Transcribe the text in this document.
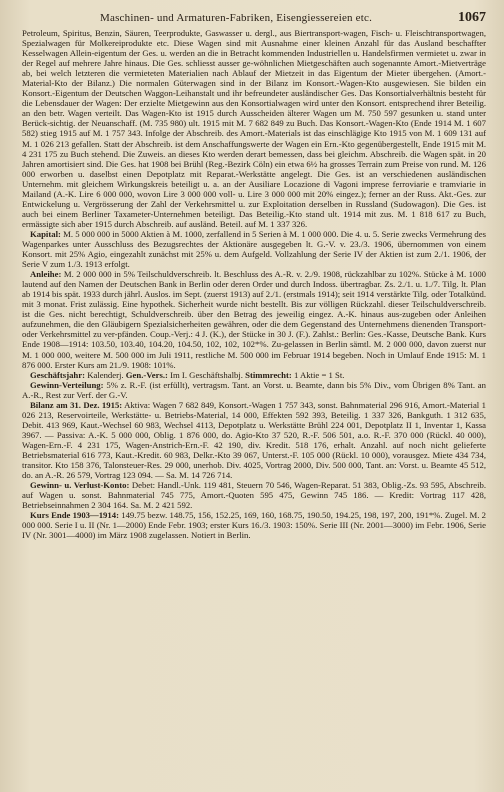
Maschinen- und Armaturen-Fabriken, Eisengiessereien etc.	1067

Petroleum, Spiritus, Benzin, Säuren, Teerprodukte, Gaswasser u. dergl., aus Biertransport-wagen, Fisch- u. Fleischtransportwagen, Spezialwagen für Molkereiprodukte etc. Diese Wagen sind mit Ausnahme einer kleinen Anzahl für das Ausland beschaffter Kesselwagen Allein-eigentum der Ges. u. werden an die in Betracht kommenden Industriellen u. Handelsfirmen vermietet u. zwar in der Regel auf mehrere Jahre hinaus. Die Ges. schliesst ausser ge-wöhnlichen Mietgeschäften auch sogenannte Amort.-Mietverträge ab, bei welch letzteren die vermieteten Materialien nach Ablauf der Mietzeit in das Eigentum der Mieter übergehen. (Amort.-Material-Kto der Bilanz.) Die normalen Güterwagen sind in der Bilanz im Konsort.-Wagen-Kto ausgewiesen. Sie bilden ein Konsort.-Eigentum der Deutschen Waggon-Leihanstalt und ihr befreundeter ausländischer Ges. Das Konsortialverhältnis besteht für die Lebensdauer der Wagen: Der erzielte Mietgewinn aus den Konsortialwagen wird unter den Konsort. entsprechend ihrer Beteilig. an den betr. Wagen verteilt. Das Wagen-Kto ist 1915 durch Ausscheiden älterer Wagen um M. 750 597 gesunken u. stand unter Berück-sichtig. der Neuanschaff. (M. 735 980) ult. 1915 mit M. 7 682 849 zu Buch. Das Konsort.-Wagen-Kto (Ende 1914 M. 1 607 582) stieg 1915 auf M. 1 757 343. Infolge der Abschreib. des Amort.-Materials ist das einschlägige Kto 1915 von M. 1 609 131 auf M. 1 026 213 gefallen. Statt der Abschreib. ist dem Anschaffungswerte der Wagen ein Ern.-Kto gegenübergestellt, Ende 1915 mit M. 4 231 175 zu Buch stehend. Die Zuweis. an dieses Kto werden derart bemessen, dass bei gleichm. Abschreib. die Wagen spät. in 20 Jahren amortisiert sind. Die Ges. hat 1908 bei Brühl (Reg.-Bezirk Cöln) ein etwa 6½ ha grosses Terrain zum Preise von rund. M. 126 000 erworben u. daselbst einen Depotplatz mit Reparat.-Werkstätte angelegt. Die Ges. ist an verschiedenen ausländischen Unternehm. mit gleichem Wirkungskreis beteiligt u. a. an der Ausiliare Locazione di Vagoni imprese ferroviarie e tramviarie in Mailand (A.-K. Lire 6 000 000, wovon Lire 3 000 000 voll- u. Lire 3 000 000 mit 20% eingez.); ferner an der Russ. Akt.-Ges. zur Entwickelung u. Vergrösserung der Zahl der Verkehrsmittel u. zur Exploitation derselben in Russland (Sudowagon). Die Ges. ist auch bei einem Berliner Taxameter-Unternehmen beteiligt. Das Beteilig.-Kto stand ult. 1914 mit zus. M. 1 818 617 zu Buch, ermässigte sich aber 1915 durch Abschreib. auf ausländ. Beteil. auf M. 1 337 326.

Kapital: M. 5 000 000 in 5000 Aktien à M. 1000, zerfallend in 5 Serien à M. 1 000 000. Die 4. u. 5. Serie zwecks Vermehrung des Wagenparkes unter Ausschluss des Bezugsrechtes der Aktionäre ausgegeben lt. G.-V. v. 23./3. 1906, übernommen von einem Konsort. mit 25% Agio, eingezahlt zunächst mit 25% u. dem Aufgeld. Vollzahlung der Serie IV der Aktien ist zum 2./1. 1906, der Serie V zum 1./3. 1913 erfolgt.

Anleihe: M. 2 000 000 in 5% Teilschuldverschreib. lt. Beschluss des A.-R. v. 2./9. 1908, rückzahlbar zu 102%. Stücke à M. 1000 lautend auf den Namen der Deutschen Bank in Berlin oder deren Order und durch Indoss. übertragbar. Zs. 2./1. u. 1./7. Tilg. lt. Plan ab 1914 bis spät. 1933 durch jährl. Auslos. im Sept. (zuerst 1913) auf 2./1. (erstmals 1914); seit 1914 verstärkte Tilg. oder Totalkünd. mit 3 monat. Frist zulässig. Eine hypothek. Sicherheit wurde nicht bestellt. Bis zur völligen Rückzahl. dieser Teilschuldverschreib. ist die Ges. nicht berechtigt, Schuldverschreib. über den Betrag des jeweilig eingez. A.-K. hinaus aus-zugeben oder Anleihen aufzunehmen, die den Gläubigern Spezialsicherheiten gewähren, oder die dem Gegenstand des Unternehmens dienenden Transport- oder Verkehrsmittel zu ver-pfänden. Coup.-Verj.: 4 J. (K.), der Stücke in 30 J. (F.). Zahlst.: Berlin: Ges.-Kasse, Deutsche Bank. Kurs Ende 1908—1914: 103.50, 103.40, 104.20, 104.50, 102, 102, 102*%. Zu-gelassen in Berlin sämtl. M. 2 000 000, davon zuerst nur M. 1 000 000, weitere M. 500 000 im Juli 1911, restliche M. 500 000 im Februar 1914 begeben. Noch in Umlauf Ende 1915: M. 1 876 000. Erster Kurs am 21./9. 1908: 101%.

Geschäftsjahr: Kalenderj. Gen.-Vers.: Im I. Geschäftshalbj. Stimmrecht: 1 Aktie = 1 St.

Gewinn-Verteilung: 5% z. R.-F. (ist erfüllt), vertragsm. Tant. an Vorst. u. Beamte, dann bis 5% Div., vom Übrigen 8% Tant. an A.-R., Rest zur Verf. der G.-V.

Bilanz am 31. Dez. 1915: Aktiva: Wagen 7 682 849, Konsort.-Wagen 1 757 343, sonst. Bahnmaterial 296 916, Amort.-Material 1 026 213, Reservoirteile, Werkstätte- u. Betriebs-Material, 14 000, Effekten 592 393, Beteilig. 1 337 326, Bankguth. 1 312 635, Debit. 413 969, Kaut.-Wechsel 60 983, Wechsel 4113, Depotplatz u. Werkstätte Brühl 224 001, Depotplatz II 1, Inventar 1, Kassa 3967. — Passiva: A.-K. 5 000 000, Oblig. 1 876 000, do. Agio-Kto 37 520, R.-F. 506 501, a.o. R.-F. 370 000 (Rückl. 40 000), Wagen-Ern.-F. 4 231 175, Wagen-Anstrich-Ern.-F. 42 190, div. Kredit. 518 176, erhalt. Anzahl. auf noch nicht gelieferte Betriebsmaterial 616 773, Kaut.-Kredit. 60 983, Delkr.-Kto 39 067, Unterst.-F. 105 000 (Rückl. 10 000), vorausgez. Miete 434 734, transitor. Kto 158 376, Talonsteuer-Res. 29 000, unerhob. Div. 4025, Vortrag 2000, Div. 500 000, Tant. an: Vorst. u. Beamte 45 512, do. an A.-R. 26 579, Vortrag 123 094. — Sa. M. 14 726 714.

Gewinn- u. Verlust-Konto: Debet: Handl.-Unk. 119 481, Steuern 70 546, Wagen-Reparat. 51 383, Oblig.-Zs. 93 595, Abschreib. auf Wagen u. sonst. Bahnmaterial 745 775, Amort.-Quoten 595 475, Gewinn 745 186. — Kredit: Vortrag 117 428, Betriebseinnahmen 2 304 164. Sa. M. 2 421 592.

Kurs Ende 1903—1914: 149.75 bezw. 148.75, 156, 152.25, 169, 160, 168.75, 190.50, 194.25, 198, 197, 200, 191*%. Zugel. M. 2 000 000. Serie I u. II (Nr. 1—2000) Ende Febr. 1903; erster Kurs 16./3. 1903: 150%. Serie III (Nr. 2001—3000) im Febr. 1906, Serie IV (Nr. 3001—4000) im März 1908 zugelassen. Notiert in Berlin.
